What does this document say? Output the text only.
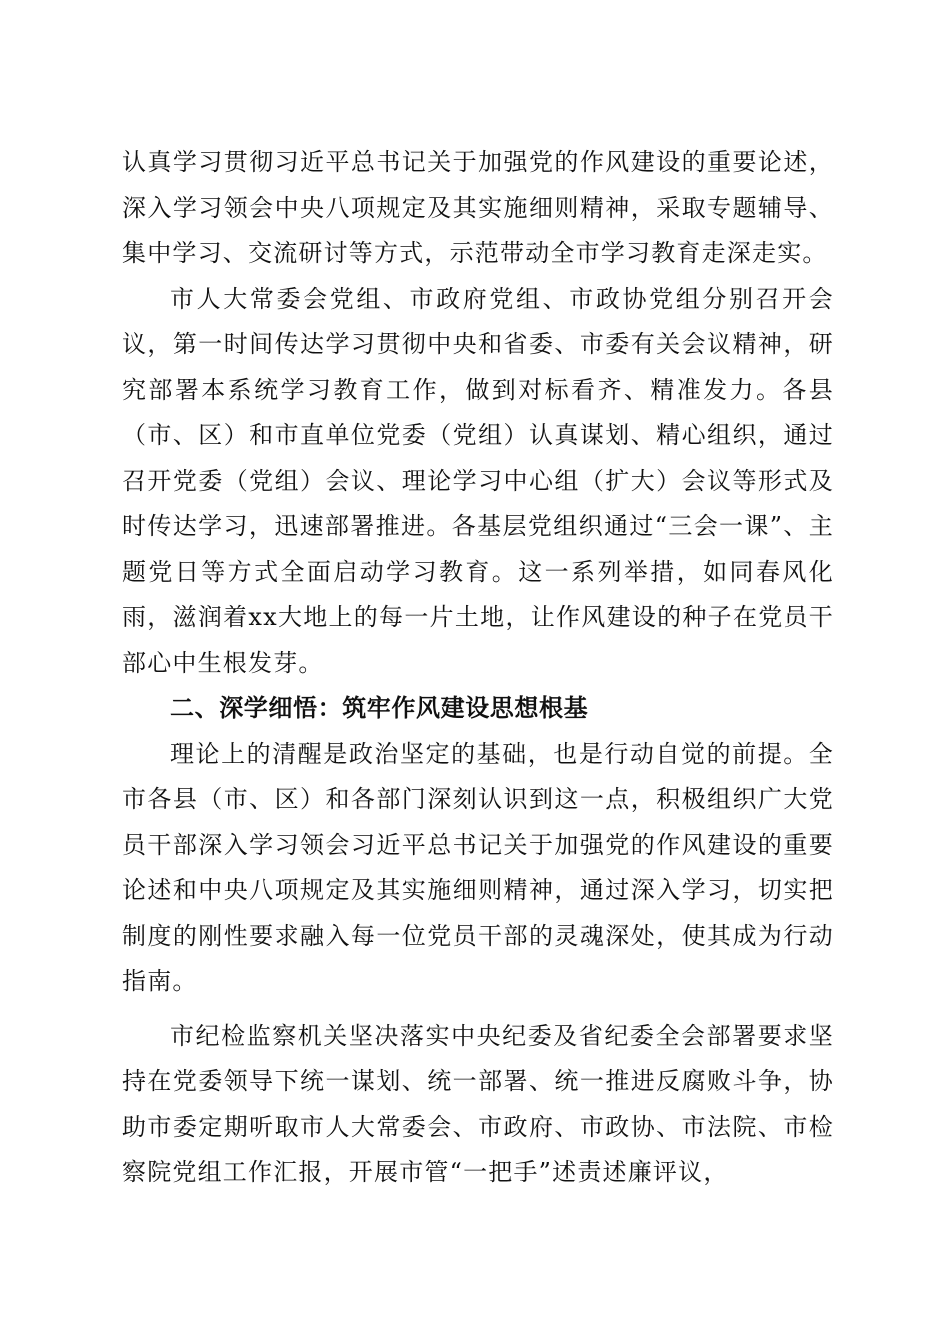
认真学习贯彻习近平总书记关于加强党的作风建设的重要论述，深入学习领会中央八项规定及其实施细则精神，采取专题辅导、集中学习、交流研讨等方式，示范带动全市学习教育走深走实。

市人大常委会党组、市政府党组、市政协党组分别召开会议，第一时间传达学习贯彻中央和省委、市委有关会议精神，研究部署本系统学习教育工作，做到对标看齐、精准发力。各县（市、区）和市直单位党委（党组）认真谋划、精心组织，通过召开党委（党组）会议、理论学习中心组（扩大）会议等形式及时传达学习，迅速部署推进。各基层党组织通过“三会一课”、主题党日等方式全面启动学习教育。这一系列举措，如同春风化雨，滋润着xx大地上的每一片土地，让作风建设的种子在党员干部心中生根发芽。

二、深学细悟：筑牢作风建设思想根基

理论上的清醒是政治坚定的基础，也是行动自觉的前提。全市各县（市、区）和各部门深刻认识到这一点，积极组织广大党员干部深入学习领会习近平总书记关于加强党的作风建设的重要论述和中央八项规定及其实施细则精神，通过深入学习，切实把制度的刚性要求融入每一位党员干部的灵魂深处，使其成为行动指南。

市纪检监察机关坚决落实中央纪委及省纪委全会部署要求坚持在党委领导下统一谋划、统一部署、统一推进反腐败斗争，协助市委定期听取市人大常委会、市政府、市政协、市法院、市检察院党组工作汇报，开展市管“一把手”述责述廉评议，
